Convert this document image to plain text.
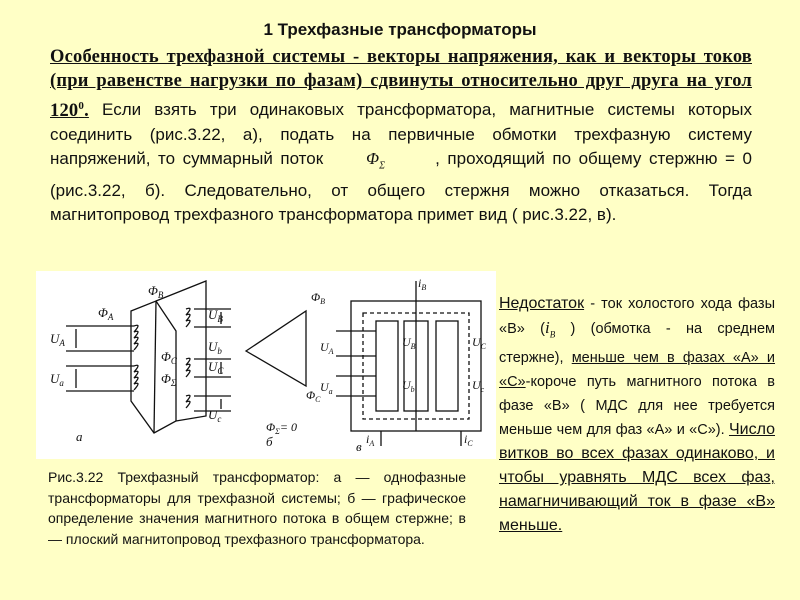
1 Трехфазные трансформаторы
Особенность трехфазной системы - векторы напряжения, как и векторы токов (при равенстве нагрузки по фазам) сдвинуты относительно друг друга на угол $120^0$. Если взять три одинаковых трансформатора, магнитные системы которых соединить (рис.3.22, а), подать на первичные обмотки трехфазную систему напряжений, то суммарный поток      $\Phi_\Sigma$	, проходящий по общему стержню = 0 (рис.3.22, б). Следовательно, от общего стержня можно отказаться. Тогда магнитопровод трехфазного трансформатора примет вид ( рис.3.22, в).
$\Phi_B$
$\Phi_A$
$\Phi_C$
$\Phi_\Sigma$
$U_A$
$U_a$
$U_B$
$U_b$
$U_C$
$U_c$
а
$\Phi_B$
$\Phi_C$
$\Phi_\Sigma= 0$
б
$i_B$
$i_A$	$i_C$
$U_A$
$U_a$
$U_B$
$U_b$
$U_C$
$U_c$
в
Рис.3.22 Трехфазный трансформатор: а — однофазные трансформаторы для трехфазной системы; б — графическое определение значения магнитного потока в общем стержне; в — плоский магнитопровод трехфазного трансформатора.
Недостаток - ток холостого хода фазы «В» ($i_В$ ) (обмотка - на среднем стержне), меньше чем в фазах «А» и «С»-короче путь магнитного потока в фазе «В» ( МДС для нее требуется меньше чем для фаз «А» и «С»). Число витков во всех фазах одинаково, и чтобы уравнять МДС всех фаз, намагничивающий ток в фазе «В» меньше.
